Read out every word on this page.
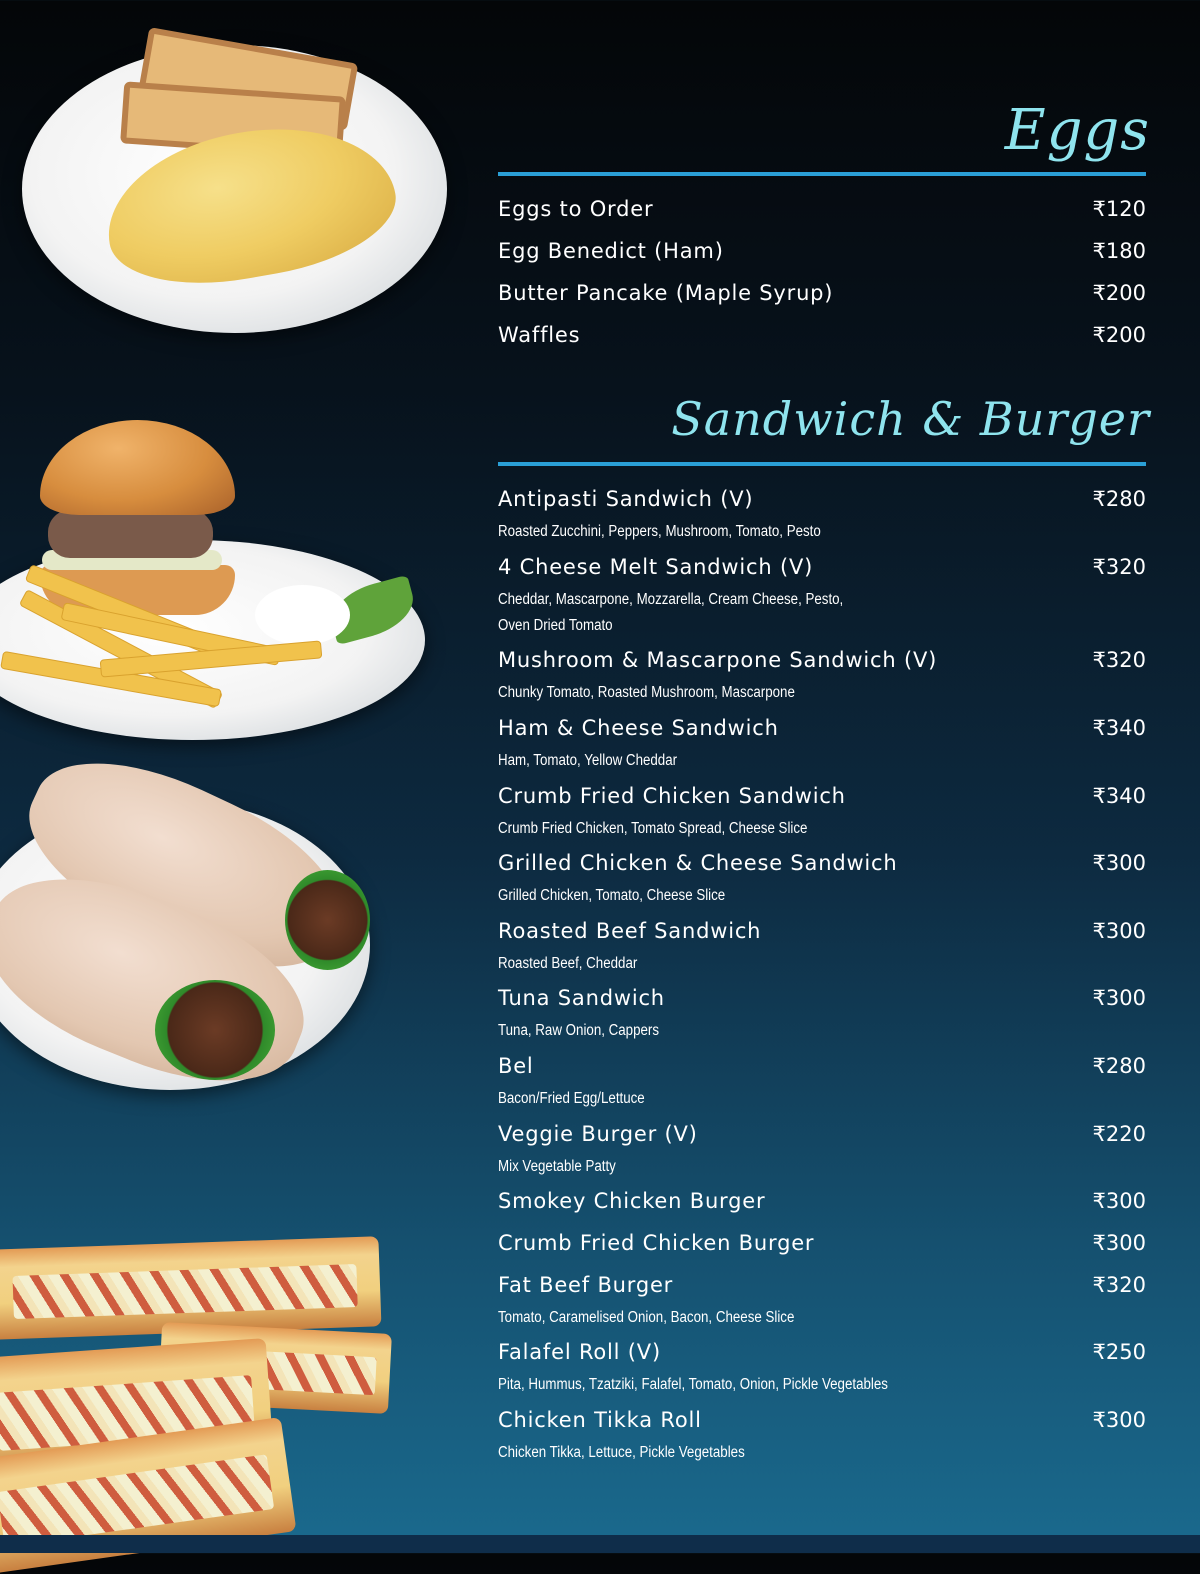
Eggs
Eggs to Order	₹120
Egg Benedict (Ham)	₹180
Butter Pancake (Maple Syrup)	₹200
Waffles	₹200
Sandwich & Burger
Antipasti Sandwich (V)	₹280
Roasted Zucchini, Peppers, Mushroom, Tomato, Pesto
4 Cheese Melt Sandwich (V)	₹320
Cheddar, Mascarpone, Mozzarella, Cream Cheese, Pesto,
Oven Dried Tomato
Mushroom & Mascarpone Sandwich (V)	₹320
Chunky Tomato, Roasted Mushroom, Mascarpone
Ham & Cheese Sandwich	₹340
Ham, Tomato, Yellow Cheddar
Crumb Fried Chicken Sandwich	₹340
Crumb Fried Chicken, Tomato Spread, Cheese Slice
Grilled Chicken & Cheese Sandwich	₹300
Grilled Chicken, Tomato, Cheese Slice
Roasted Beef Sandwich	₹300
Roasted Beef, Cheddar
Tuna Sandwich	₹300
Tuna, Raw Onion, Cappers
Bel	₹280
Bacon/Fried Egg/Lettuce
Veggie Burger (V)	₹220
Mix Vegetable Patty
Smokey Chicken Burger	₹300
Crumb Fried Chicken Burger	₹300
Fat Beef Burger	₹320
Tomato, Caramelised Onion, Bacon, Cheese Slice
Falafel Roll (V)	₹250
Pita, Hummus, Tzatziki, Falafel, Tomato, Onion, Pickle Vegetables
Chicken Tikka Roll	₹300
Chicken Tikka, Lettuce, Pickle Vegetables
